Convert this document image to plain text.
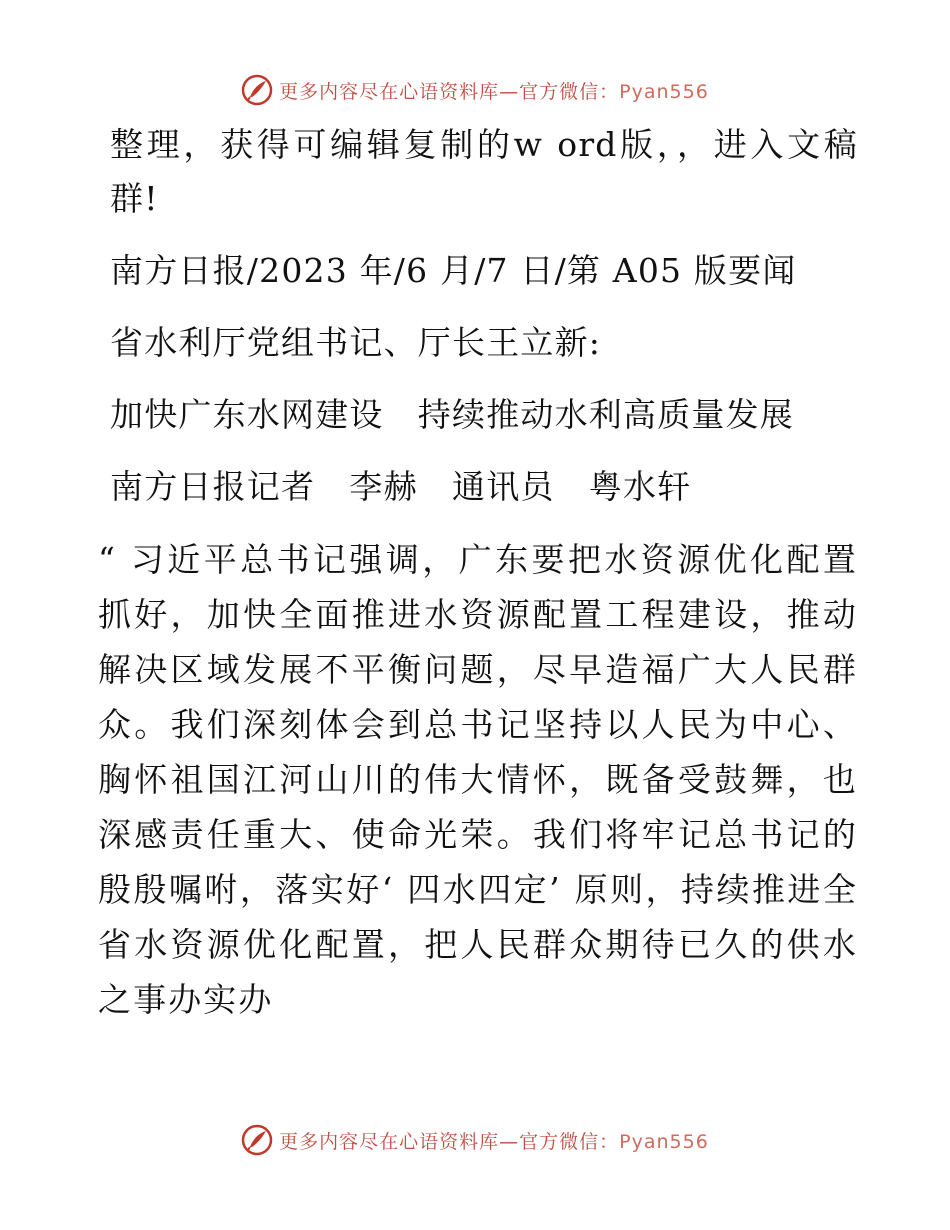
更多内容尽在心语资料库—官方微信：Pyan556

整理，获得可编辑复制的w ord版，，进入文稿群!

南方日报/2023 年/6 月/7 日/第 A05 版要闻

省水利厅党组书记、厅长王立新:

加快广东水网建设　持续推动水利高质量发展

南方日报记者　李赫　通讯员　粤水轩

“ 习近平总书记强调，广东要把水资源优化配置抓好，加快全面推进水资源配置工程建设，推动解决区域发展不平衡问题，尽早造福广大人民群众。我们深刻体会到总书记坚持以人民为中心、胸怀祖国江河山川的伟大情怀，既备受鼓舞，也深感责任重大、使命光荣。我们将牢记总书记的殷殷嘱咐，落实好‘ 四水四定’ 原则，持续推进全省水资源优化配置，把人民群众期待已久的供水之事办实办

更多内容尽在心语资料库—官方微信：Pyan556
